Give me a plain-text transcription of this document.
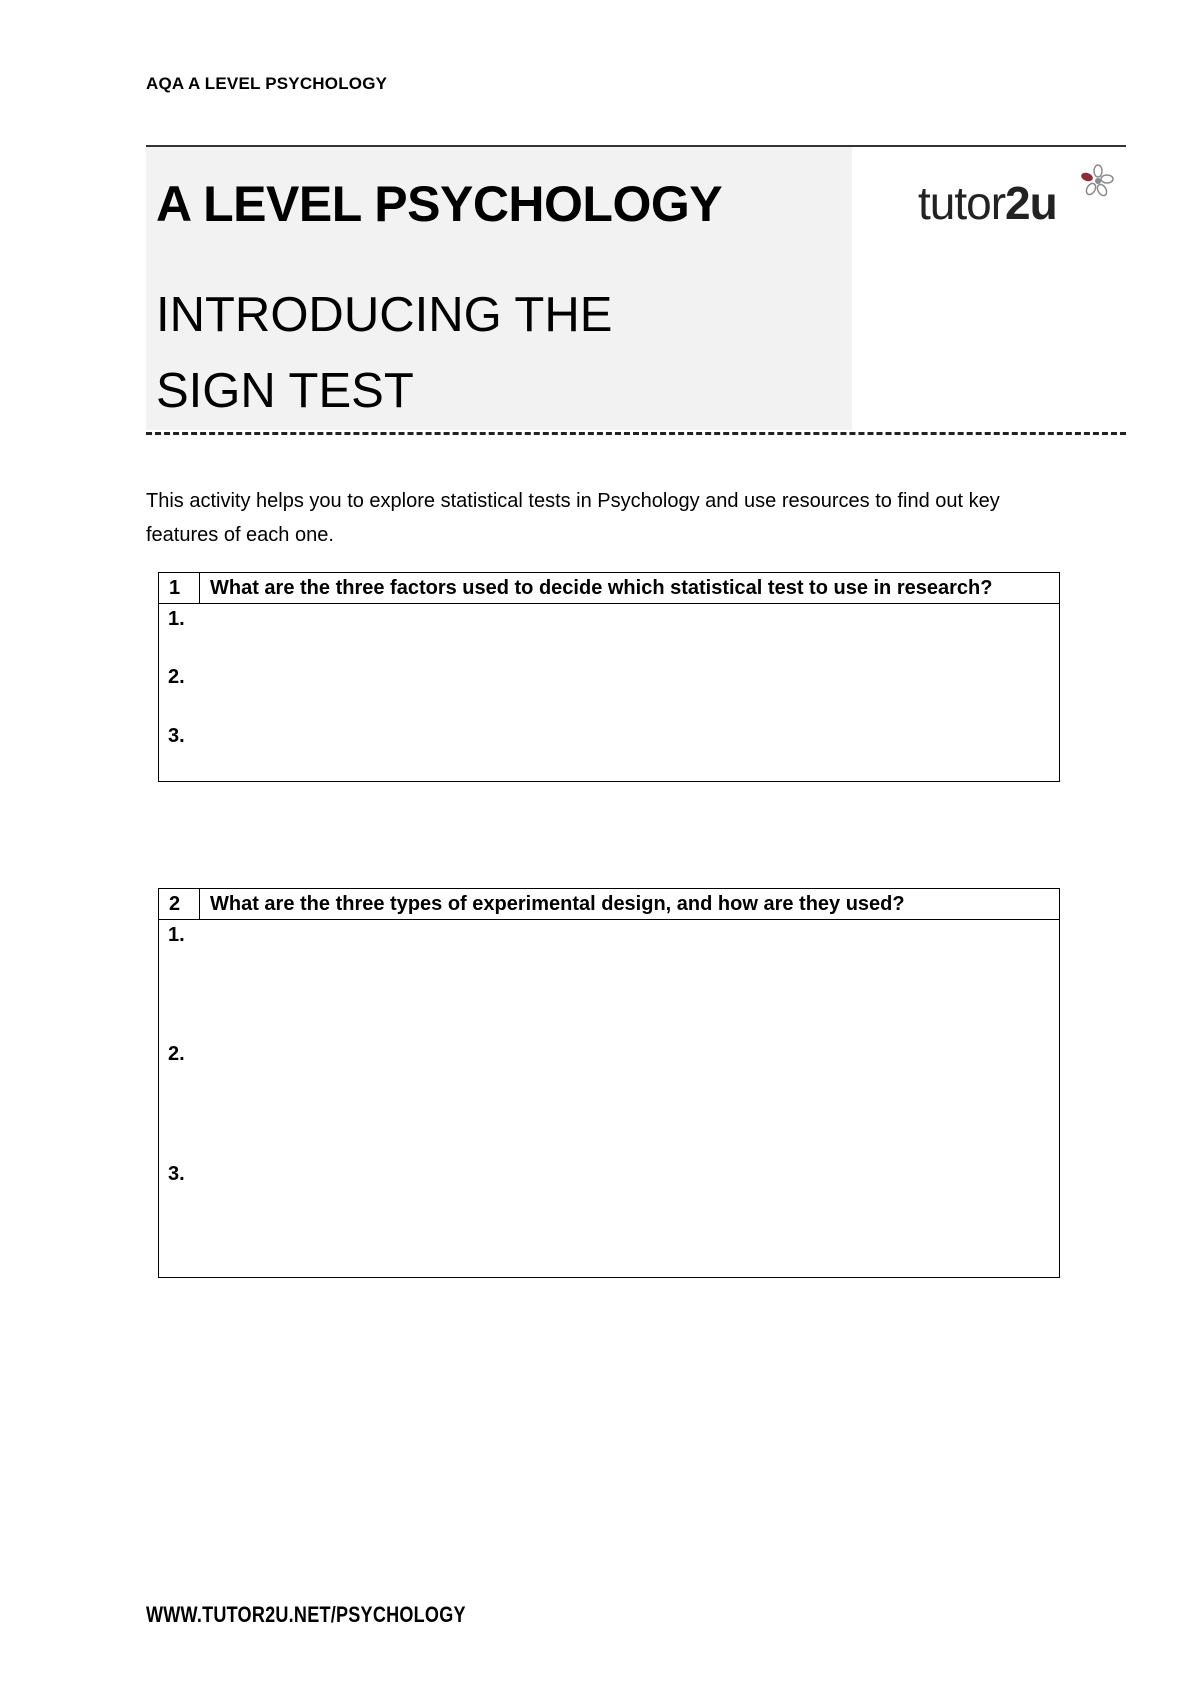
AQA A LEVEL PSYCHOLOGY
A LEVEL PSYCHOLOGY
INTRODUCING THE
SIGN TEST
tutor2u

This activity helps you to explore statistical tests in Psychology and use resources to find out key features of each one.

1	What are the three factors used to decide which statistical test to use in research?
1.
2.
3.
2	What are the three types of experimental design, and how are they used?
1.
2.
3.
WWW.TUTOR2U.NET/PSYCHOLOGY
